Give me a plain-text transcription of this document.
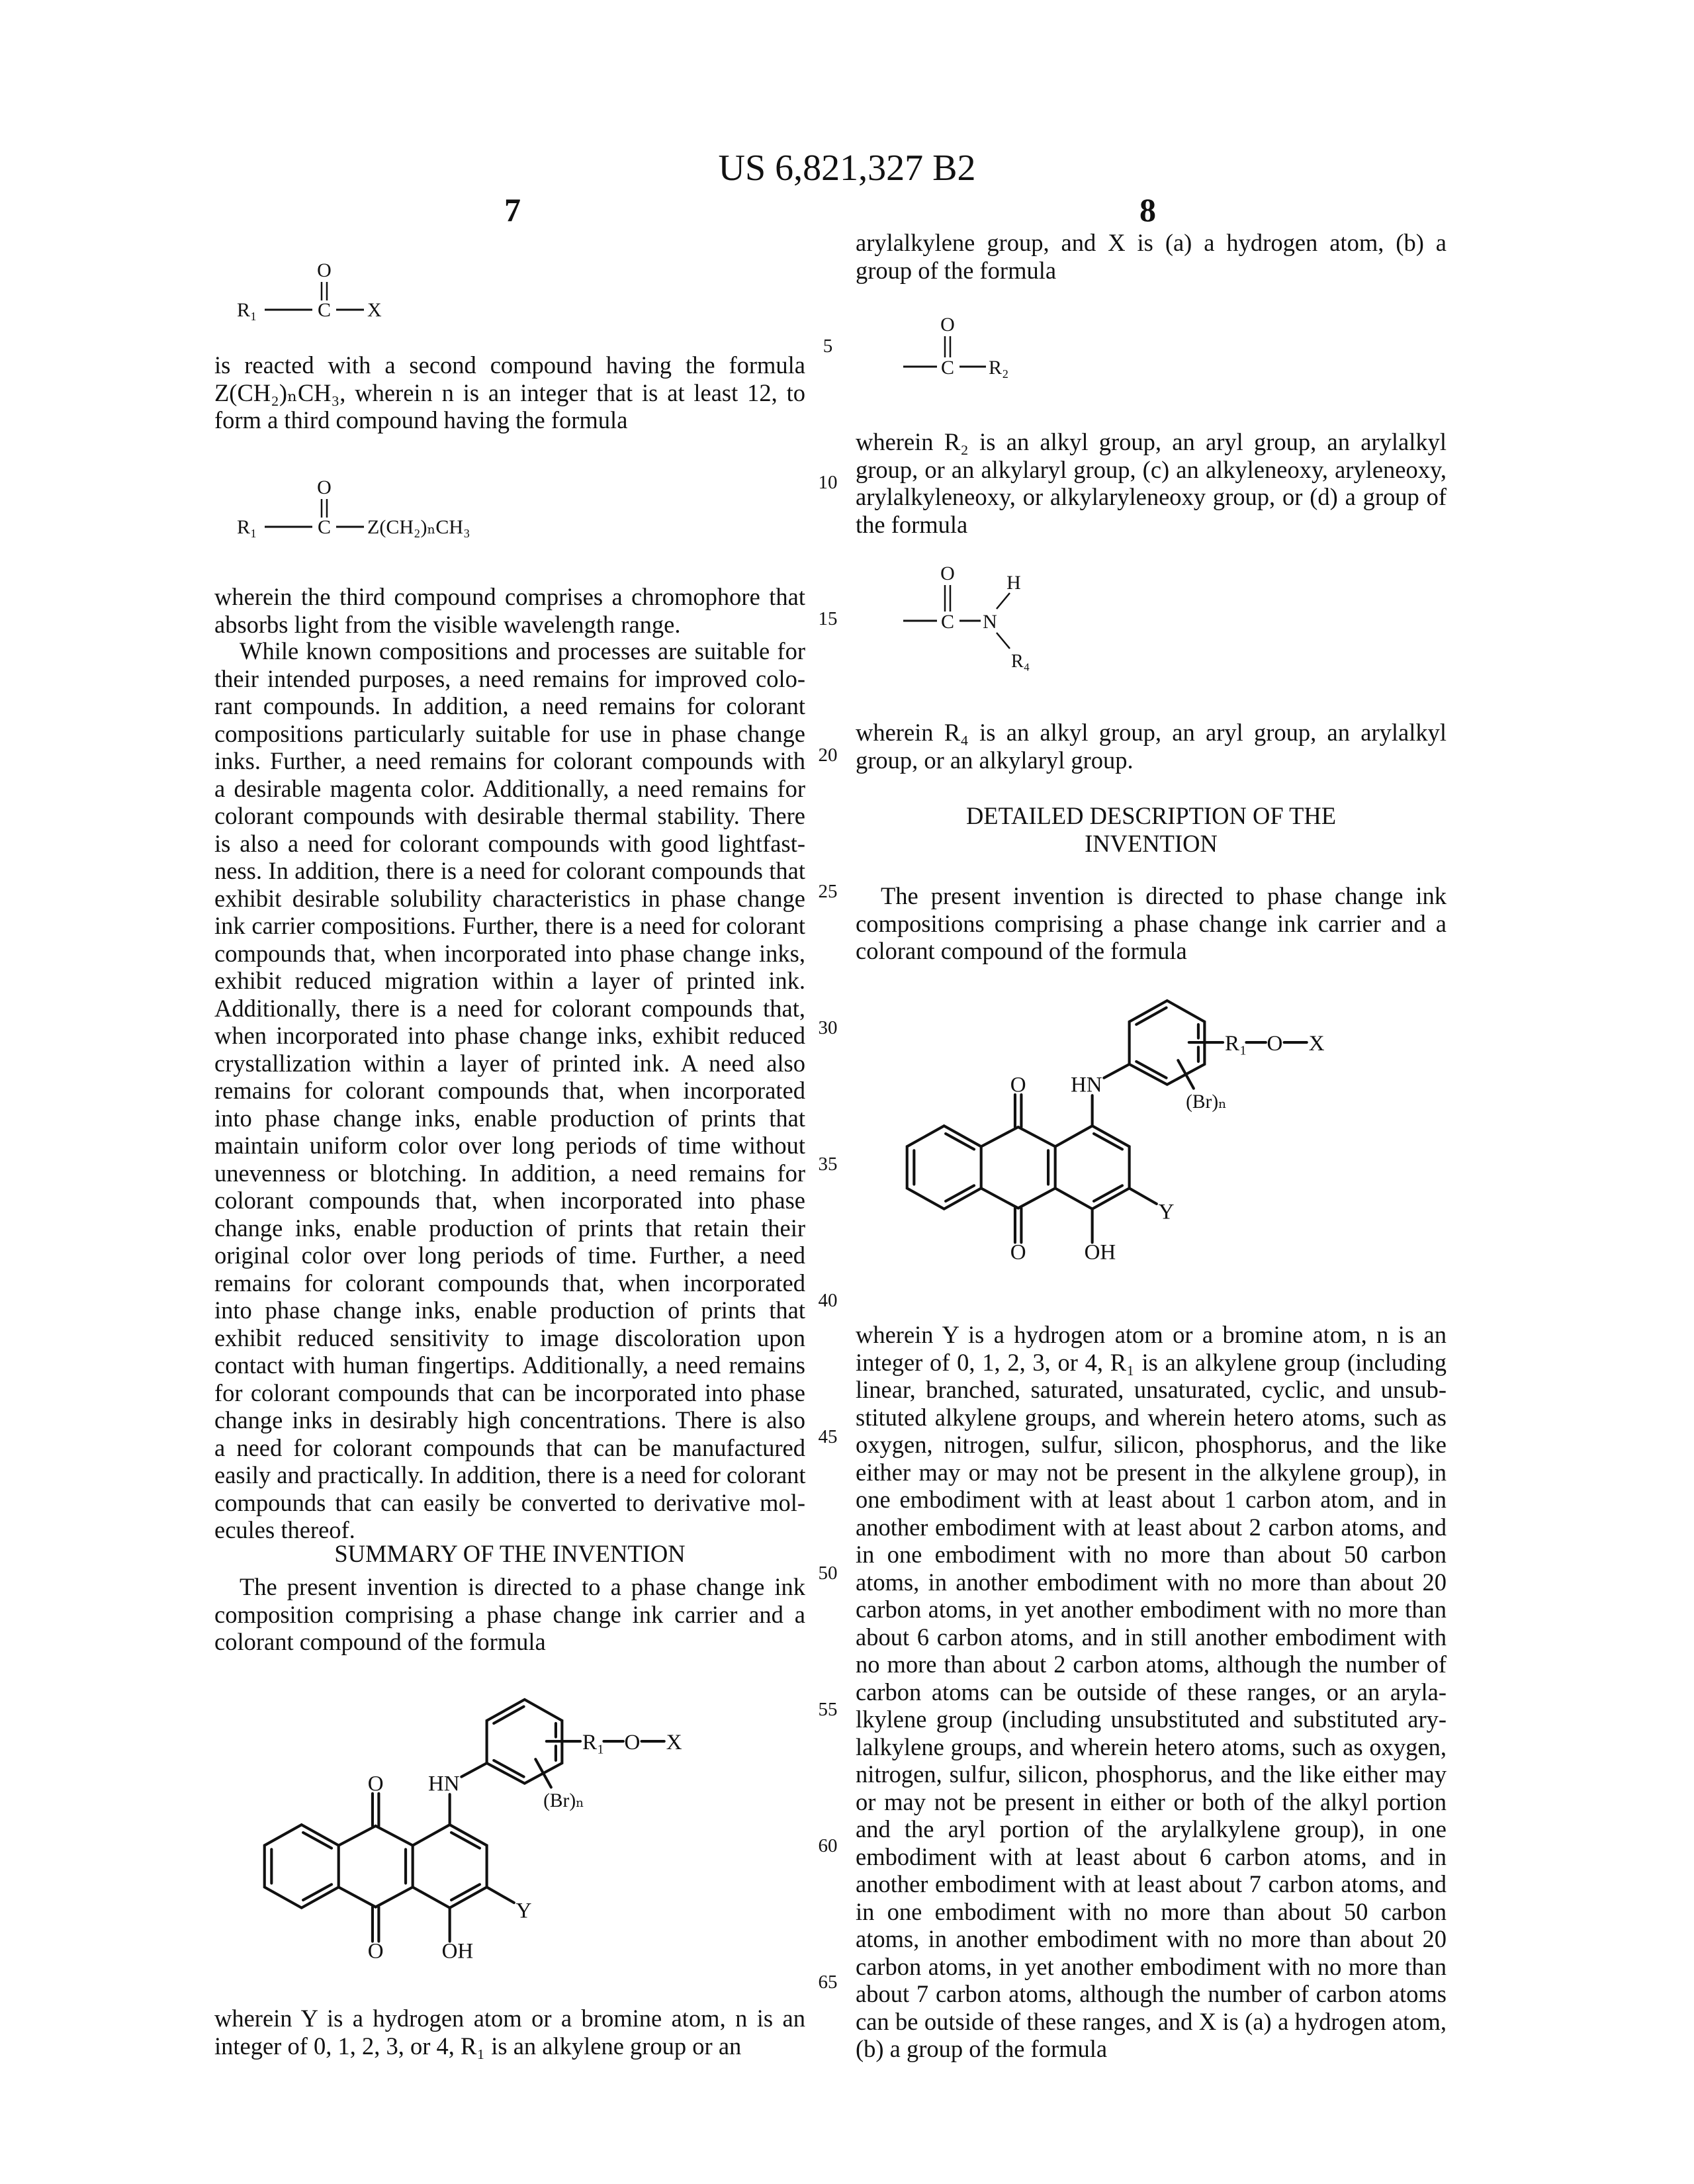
US 6,821,327 B2
7	8
5
10
15
20
25
30
35
40
45
50
55
60
65
O
R₁	C X
is reacted with a second compound having the formula
Z(CH₂)ₙCH₃, wherein n is an integer that is at least 12, to
form a third compound having the formula
O
R₁	C Z(CH₂)ₙCH₃
wherein the third compound comprises a chromophore that
absorbs light from the visible wavelength range.
While known compositions and processes are suitable for
their intended purposes, a need remains for improved colo-
rant compounds. In addition, a need remains for colorant
compositions particularly suitable for use in phase change
inks. Further, a need remains for colorant compounds with
a desirable magenta color. Additionally, a need remains for
colorant compounds with desirable thermal stability. There
is also a need for colorant compounds with good lightfast-
ness. In addition, there is a need for colorant compounds that
exhibit desirable solubility characteristics in phase change
ink carrier compositions. Further, there is a need for colorant
compounds that, when incorporated into phase change inks,
exhibit reduced migration within a layer of printed ink.
Additionally, there is a need for colorant compounds that,
when incorporated into phase change inks, exhibit reduced
crystallization within a layer of printed ink. A need also
remains for colorant compounds that, when incorporated
into phase change inks, enable production of prints that
maintain uniform color over long periods of time without
unevenness or blotching. In addition, a need remains for
colorant compounds that, when incorporated into phase
change inks, enable production of prints that retain their
original color over long periods of time. Further, a need
remains for colorant compounds that, when incorporated
into phase change inks, enable production of prints that
exhibit reduced sensitivity to image discoloration upon
contact with human fingertips. Additionally, a need remains
for colorant compounds that can be incorporated into phase
change inks in desirably high concentrations. There is also
a need for colorant compounds that can be manufactured
easily and practically. In addition, there is a need for colorant
compounds that can easily be converted to derivative mol-
ecules thereof.
SUMMARY OF THE INVENTION
The present invention is directed to a phase change ink
composition comprising a phase change ink carrier and a
colorant compound of the formula
O HN
R₁ O X
(Br)ₙ
Y
O OH
wherein Y is a hydrogen atom or a bromine atom, n is an
integer of 0, 1, 2, 3, or 4, R₁ is an alkylene group or an
arylalkylene group, and X is (a) a hydrogen atom, (b) a
group of the formula
O
C R₂
wherein R₂ is an alkyl group, an aryl group, an arylalkyl
group, or an alkylaryl group, (c) an alkyleneoxy, aryleneoxy,
arylalkyleneoxy, or alkylaryleneoxy group, or (d) a group of
the formula
O
C N
H
R₄
wherein R₄ is an alkyl group, an aryl group, an arylalkyl
group, or an alkylaryl group.
DETAILED DESCRIPTION OF THE
INVENTION
The present invention is directed to phase change ink
compositions comprising a phase change ink carrier and a
colorant compound of the formula
O HN
R₁ O X
(Br)ₙ
Y
O OH
wherein Y is a hydrogen atom or a bromine atom, n is an
integer of 0, 1, 2, 3, or 4, R₁ is an alkylene group (including
linear, branched, saturated, unsaturated, cyclic, and unsub-
stituted alkylene groups, and wherein hetero atoms, such as
oxygen, nitrogen, sulfur, silicon, phosphorus, and the like
either may or may not be present in the alkylene group), in
one embodiment with at least about 1 carbon atom, and in
another embodiment with at least about 2 carbon atoms, and
in one embodiment with no more than about 50 carbon
atoms, in another embodiment with no more than about 20
carbon atoms, in yet another embodiment with no more than
about 6 carbon atoms, and in still another embodiment with
no more than about 2 carbon atoms, although the number of
carbon atoms can be outside of these ranges, or an aryla-
lkylene group (including unsubstituted and substituted ary-
lalkylene groups, and wherein hetero atoms, such as oxygen,
nitrogen, sulfur, silicon, phosphorus, and the like either may
or may not be present in either or both of the alkyl portion
and the aryl portion of the arylalkylene group), in one
embodiment with at least about 6 carbon atoms, and in
another embodiment with at least about 7 carbon atoms, and
in one embodiment with no more than about 50 carbon
atoms, in another embodiment with no more than about 20
carbon atoms, in yet another embodiment with no more than
about 7 carbon atoms, although the number of carbon atoms
can be outside of these ranges, and X is (a) a hydrogen atom,
(b) a group of the formula
